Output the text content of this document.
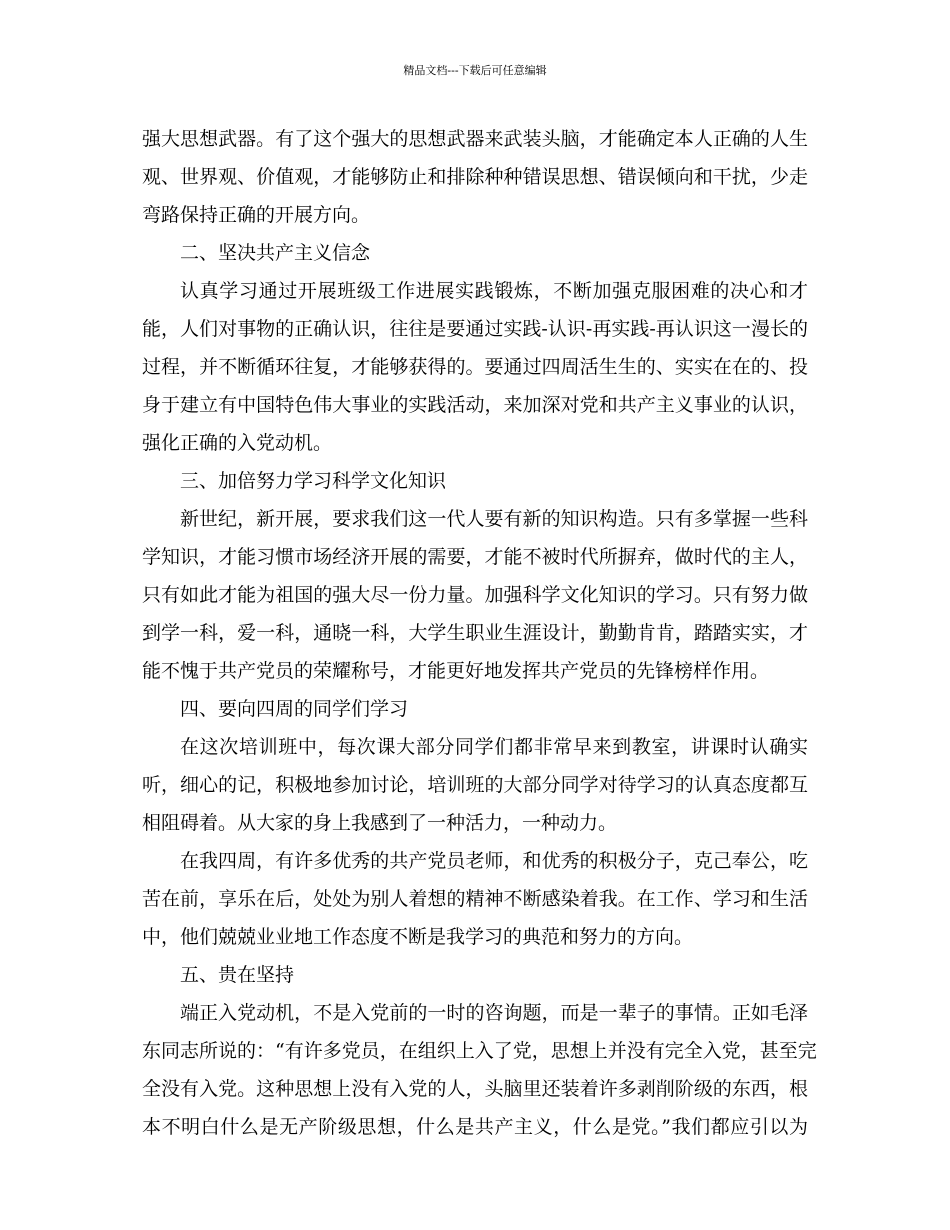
精品文档---下载后可任意编辑
强大思想武器。有了这个强大的思想武器来武装头脑，才能确定本人正确的人生
观、世界观、价值观，才能够防止和排除种种错误思想、错误倾向和干扰，少走
弯路保持正确的开展方向。
二、坚决共产主义信念
认真学习通过开展班级工作进展实践锻炼，不断加强克服困难的决心和才
能，人们对事物的正确认识，往往是要通过实践-认识-再实践-再认识这一漫长的
过程，并不断循环往复，才能够获得的。要通过四周活生生的、实实在在的、投
身于建立有中国特色伟大事业的实践活动，来加深对党和共产主义事业的认识，
强化正确的入党动机。
三、加倍努力学习科学文化知识
新世纪，新开展，要求我们这一代人要有新的知识构造。只有多掌握一些科
学知识，才能习惯市场经济开展的需要，才能不被时代所摒弃，做时代的主人，
只有如此才能为祖国的强大尽一份力量。加强科学文化知识的学习。只有努力做
到学一科，爱一科，通晓一科，大学生职业生涯设计，勤勤肯肯，踏踏实实，才
能不愧于共产党员的荣耀称号，才能更好地发挥共产党员的先锋榜样作用。
四、要向四周的同学们学习
在这次培训班中，每次课大部分同学们都非常早来到教室，讲课时认确实
听，细心的记，积极地参加讨论，培训班的大部分同学对待学习的认真态度都互
相阻碍着。从大家的身上我感到了一种活力，一种动力。
在我四周，有许多优秀的共产党员老师，和优秀的积极分子，克己奉公，吃
苦在前，享乐在后，处处为别人着想的精神不断感染着我。在工作、学习和生活
中，他们兢兢业业地工作态度不断是我学习的典范和努力的方向。
五、贵在坚持
端正入党动机，不是入党前的一时的咨询题，而是一辈子的事情。正如毛泽
东同志所说的：“有许多党员，在组织上入了党，思想上并没有完全入党，甚至完
全没有入党。这种思想上没有入党的人，头脑里还装着许多剥削阶级的东西，根
本不明白什么是无产阶级思想，什么是共产主义，什么是党。”我们都应引以为
